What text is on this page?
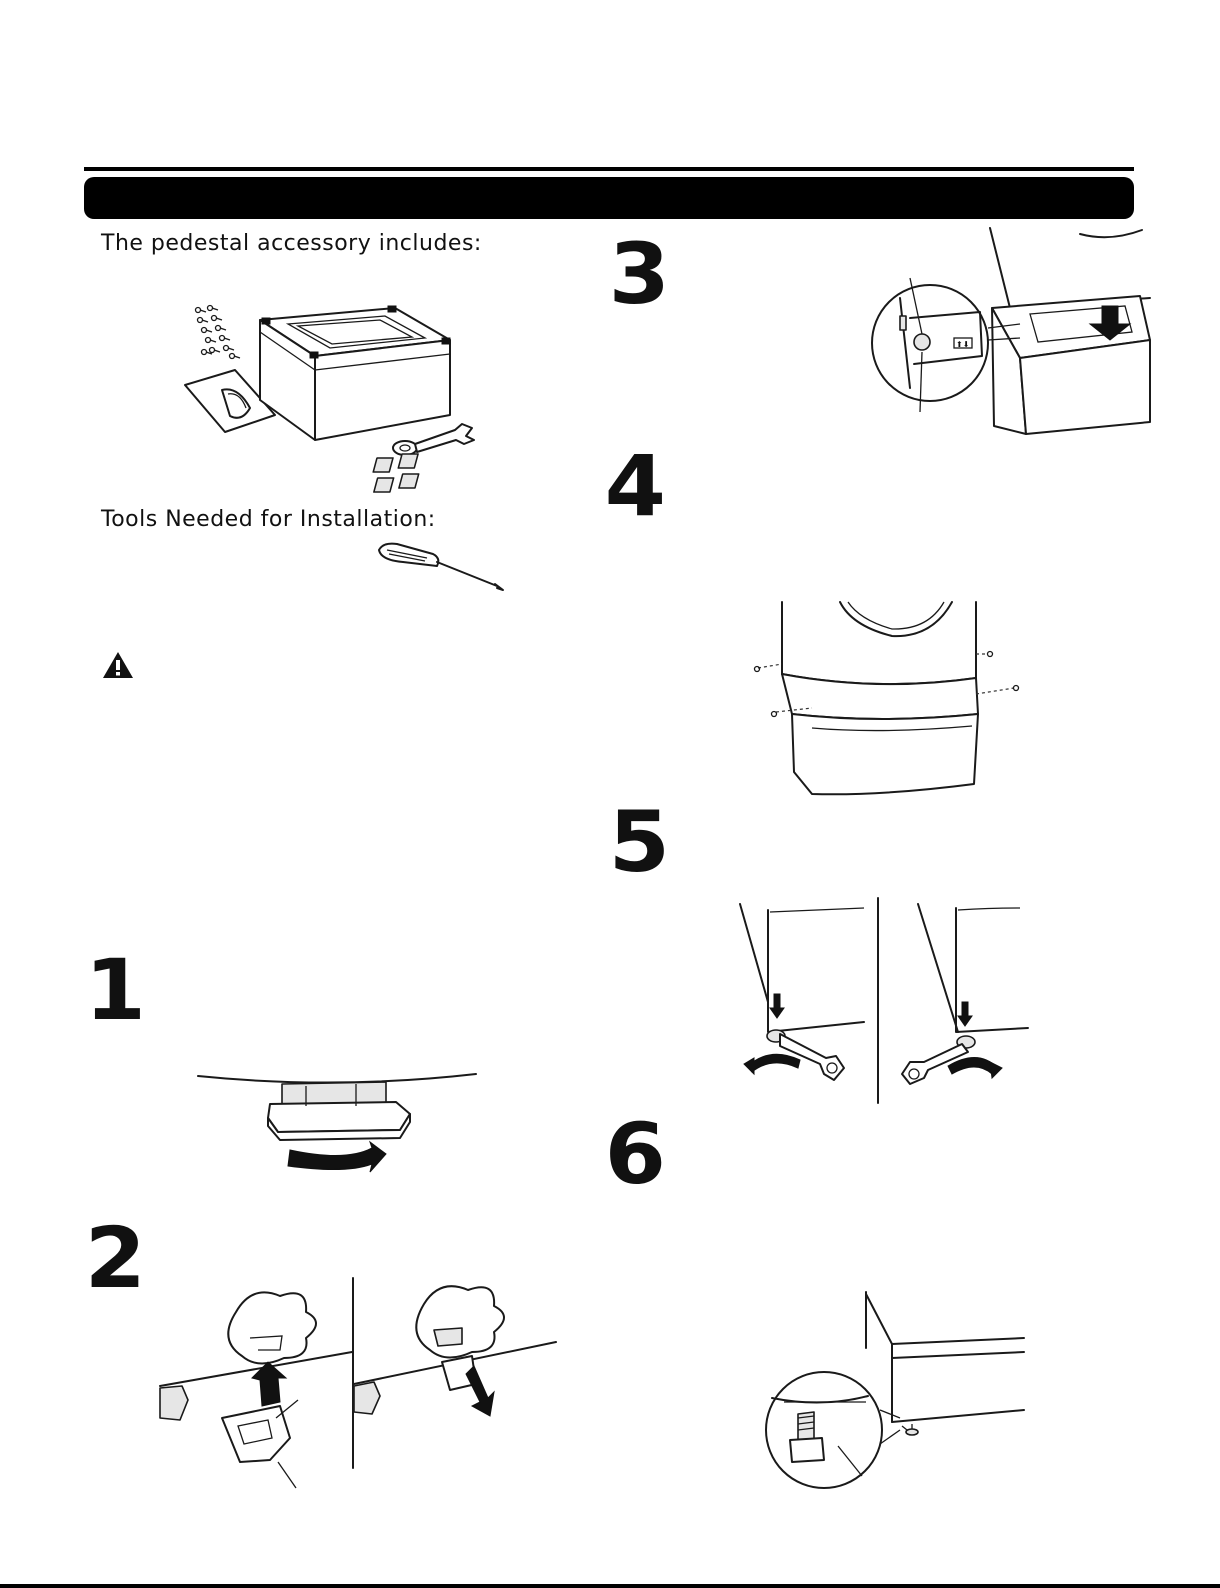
The pedestal accessory includes:
Tools Needed for Installation:
3
4
5
6
1
2
⬆⬇
